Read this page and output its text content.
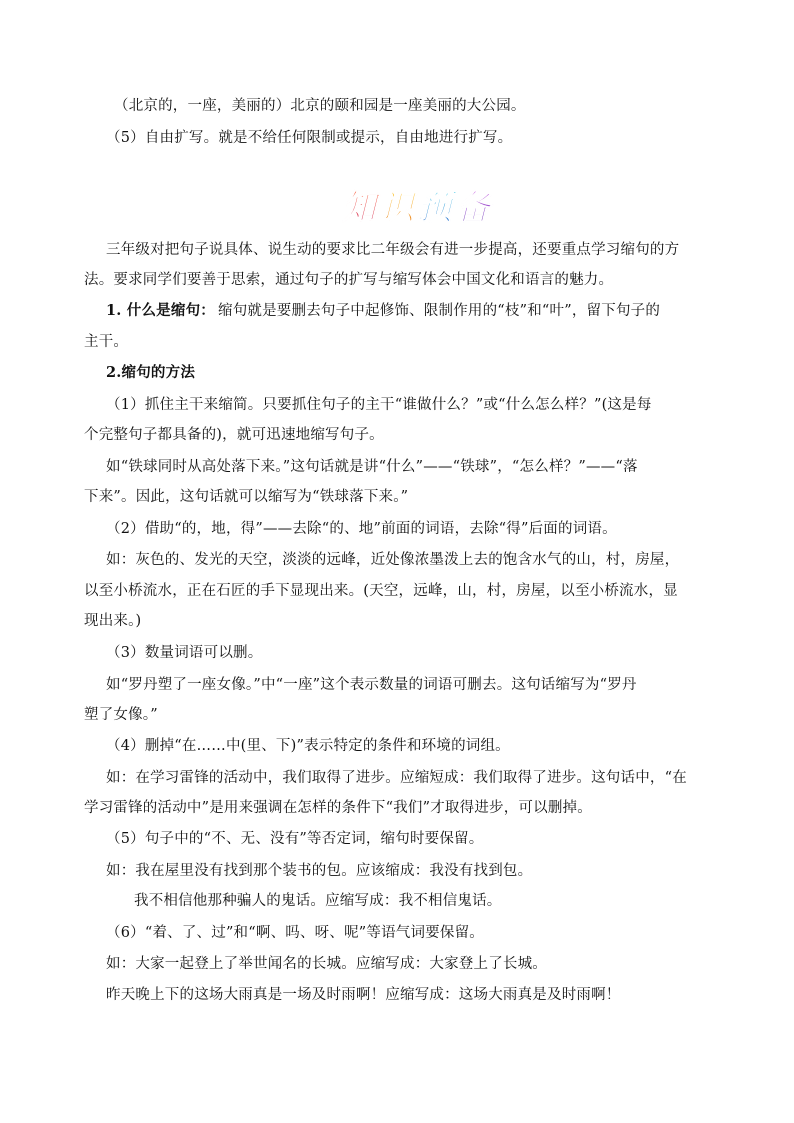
（北京的，一座，美丽的）北京的颐和园是一座美丽的大公园。
（5）自由扩写。就是不给任何限制或提示，自由地进行扩写。
知 识 预 备
三年级对把句子说具体、说生动的要求比二年级会有进一步提高，还要重点学习缩句的方
法。要求同学们要善于思索，通过句子的扩写与缩写体会中国文化和语言的魅力。
1. 什么是缩句： 缩句就是要删去句子中起修饰、限制作用的“枝”和“叶”，留下句子的
主干。
2.缩句的方法
（1）抓住主干来缩简。只要抓住句子的主干“谁做什么？”或“什么怎么样？”(这是每
个完整句子都具备的)，就可迅速地缩写句子。
如“铁球同时从高处落下来。”这句话就是讲“什么”——“铁球”，“怎么样？”——“落
下来”。因此，这句话就可以缩写为“铁球落下来。”
（2）借助“的，地，得”——去除“的、地”前面的词语，去除“得”后面的词语。
如：灰色的、发光的天空，淡淡的远峰，近处像浓墨泼上去的饱含水气的山，村，房屋，
以至小桥流水，正在石匠的手下显现出来。(天空，远峰，山，村，房屋，以至小桥流水，显
现出来。)
（3）数量词语可以删。
如“罗丹塑了一座女像。”中“一座”这个表示数量的词语可删去。这句话缩写为“罗丹
塑了女像。”
（4）删掉“在……中(里、下)”表示特定的条件和环境的词组。
如：在学习雷锋的活动中，我们取得了进步。应缩短成：我们取得了进步。这句话中，“在
学习雷锋的活动中”是用来强调在怎样的条件下“我们”才取得进步，可以删掉。
（5）句子中的“不、无、没有”等否定词，缩句时要保留。
如：我在屋里没有找到那个装书的包。应该缩成：我没有找到包。
我不相信他那种骗人的鬼话。应缩写成：我不相信鬼话。
（6）“着、了、过”和“啊、吗、呀、呢”等语气词要保留。
如：大家一起登上了举世闻名的长城。应缩写成：大家登上了长城。
昨天晚上下的这场大雨真是一场及时雨啊！应缩写成：这场大雨真是及时雨啊！
